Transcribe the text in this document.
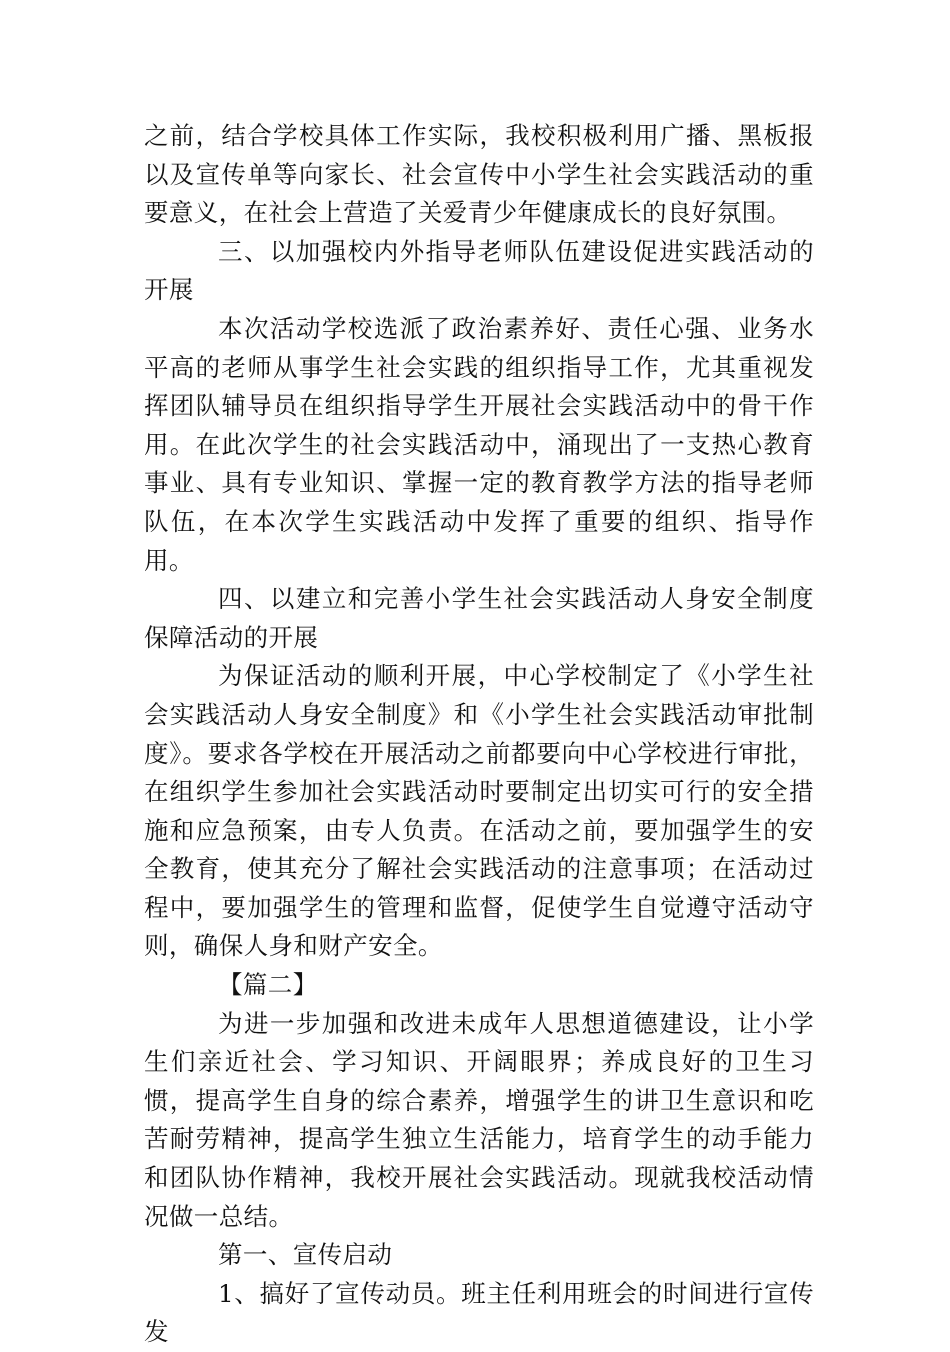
之前，结合学校具体工作实际，我校积极利用广播、黑板报以及宣传单等向家长、社会宣传中小学生社会实践活动的重要意义，在社会上营造了关爱青少年健康成长的良好氛围。

三、以加强校内外指导老师队伍建设促进实践活动的开展

本次活动学校选派了政治素养好、责任心强、业务水平高的老师从事学生社会实践的组织指导工作，尤其重视发挥团队辅导员在组织指导学生开展社会实践活动中的骨干作用。在此次学生的社会实践活动中，涌现出了一支热心教育事业、具有专业知识、掌握一定的教育教学方法的指导老师队伍，在本次学生实践活动中发挥了重要的组织、指导作用。

四、以建立和完善小学生社会实践活动人身安全制度保障活动的开展

为保证活动的顺利开展，中心学校制定了《小学生社会实践活动人身安全制度》和《小学生社会实践活动审批制度》。要求各学校在开展活动之前都要向中心学校进行审批，在组织学生参加社会实践活动时要制定出切实可行的安全措施和应急预案，由专人负责。在活动之前，要加强学生的安全教育，使其充分了解社会实践活动的注意事项；在活动过程中，要加强学生的管理和监督，促使学生自觉遵守活动守则，确保人身和财产安全。

【篇二】

为进一步加强和改进未成年人思想道德建设，让小学生们亲近社会、学习知识、开阔眼界；养成良好的卫生习惯，提高学生自身的综合素养，增强学生的讲卫生意识和吃苦耐劳精神，提高学生独立生活能力，培育学生的动手能力和团队协作精神，我校开展社会实践活动。现就我校活动情况做一总结。

第一、宣传启动

1、搞好了宣传动员。班主任利用班会的时间进行宣传发
